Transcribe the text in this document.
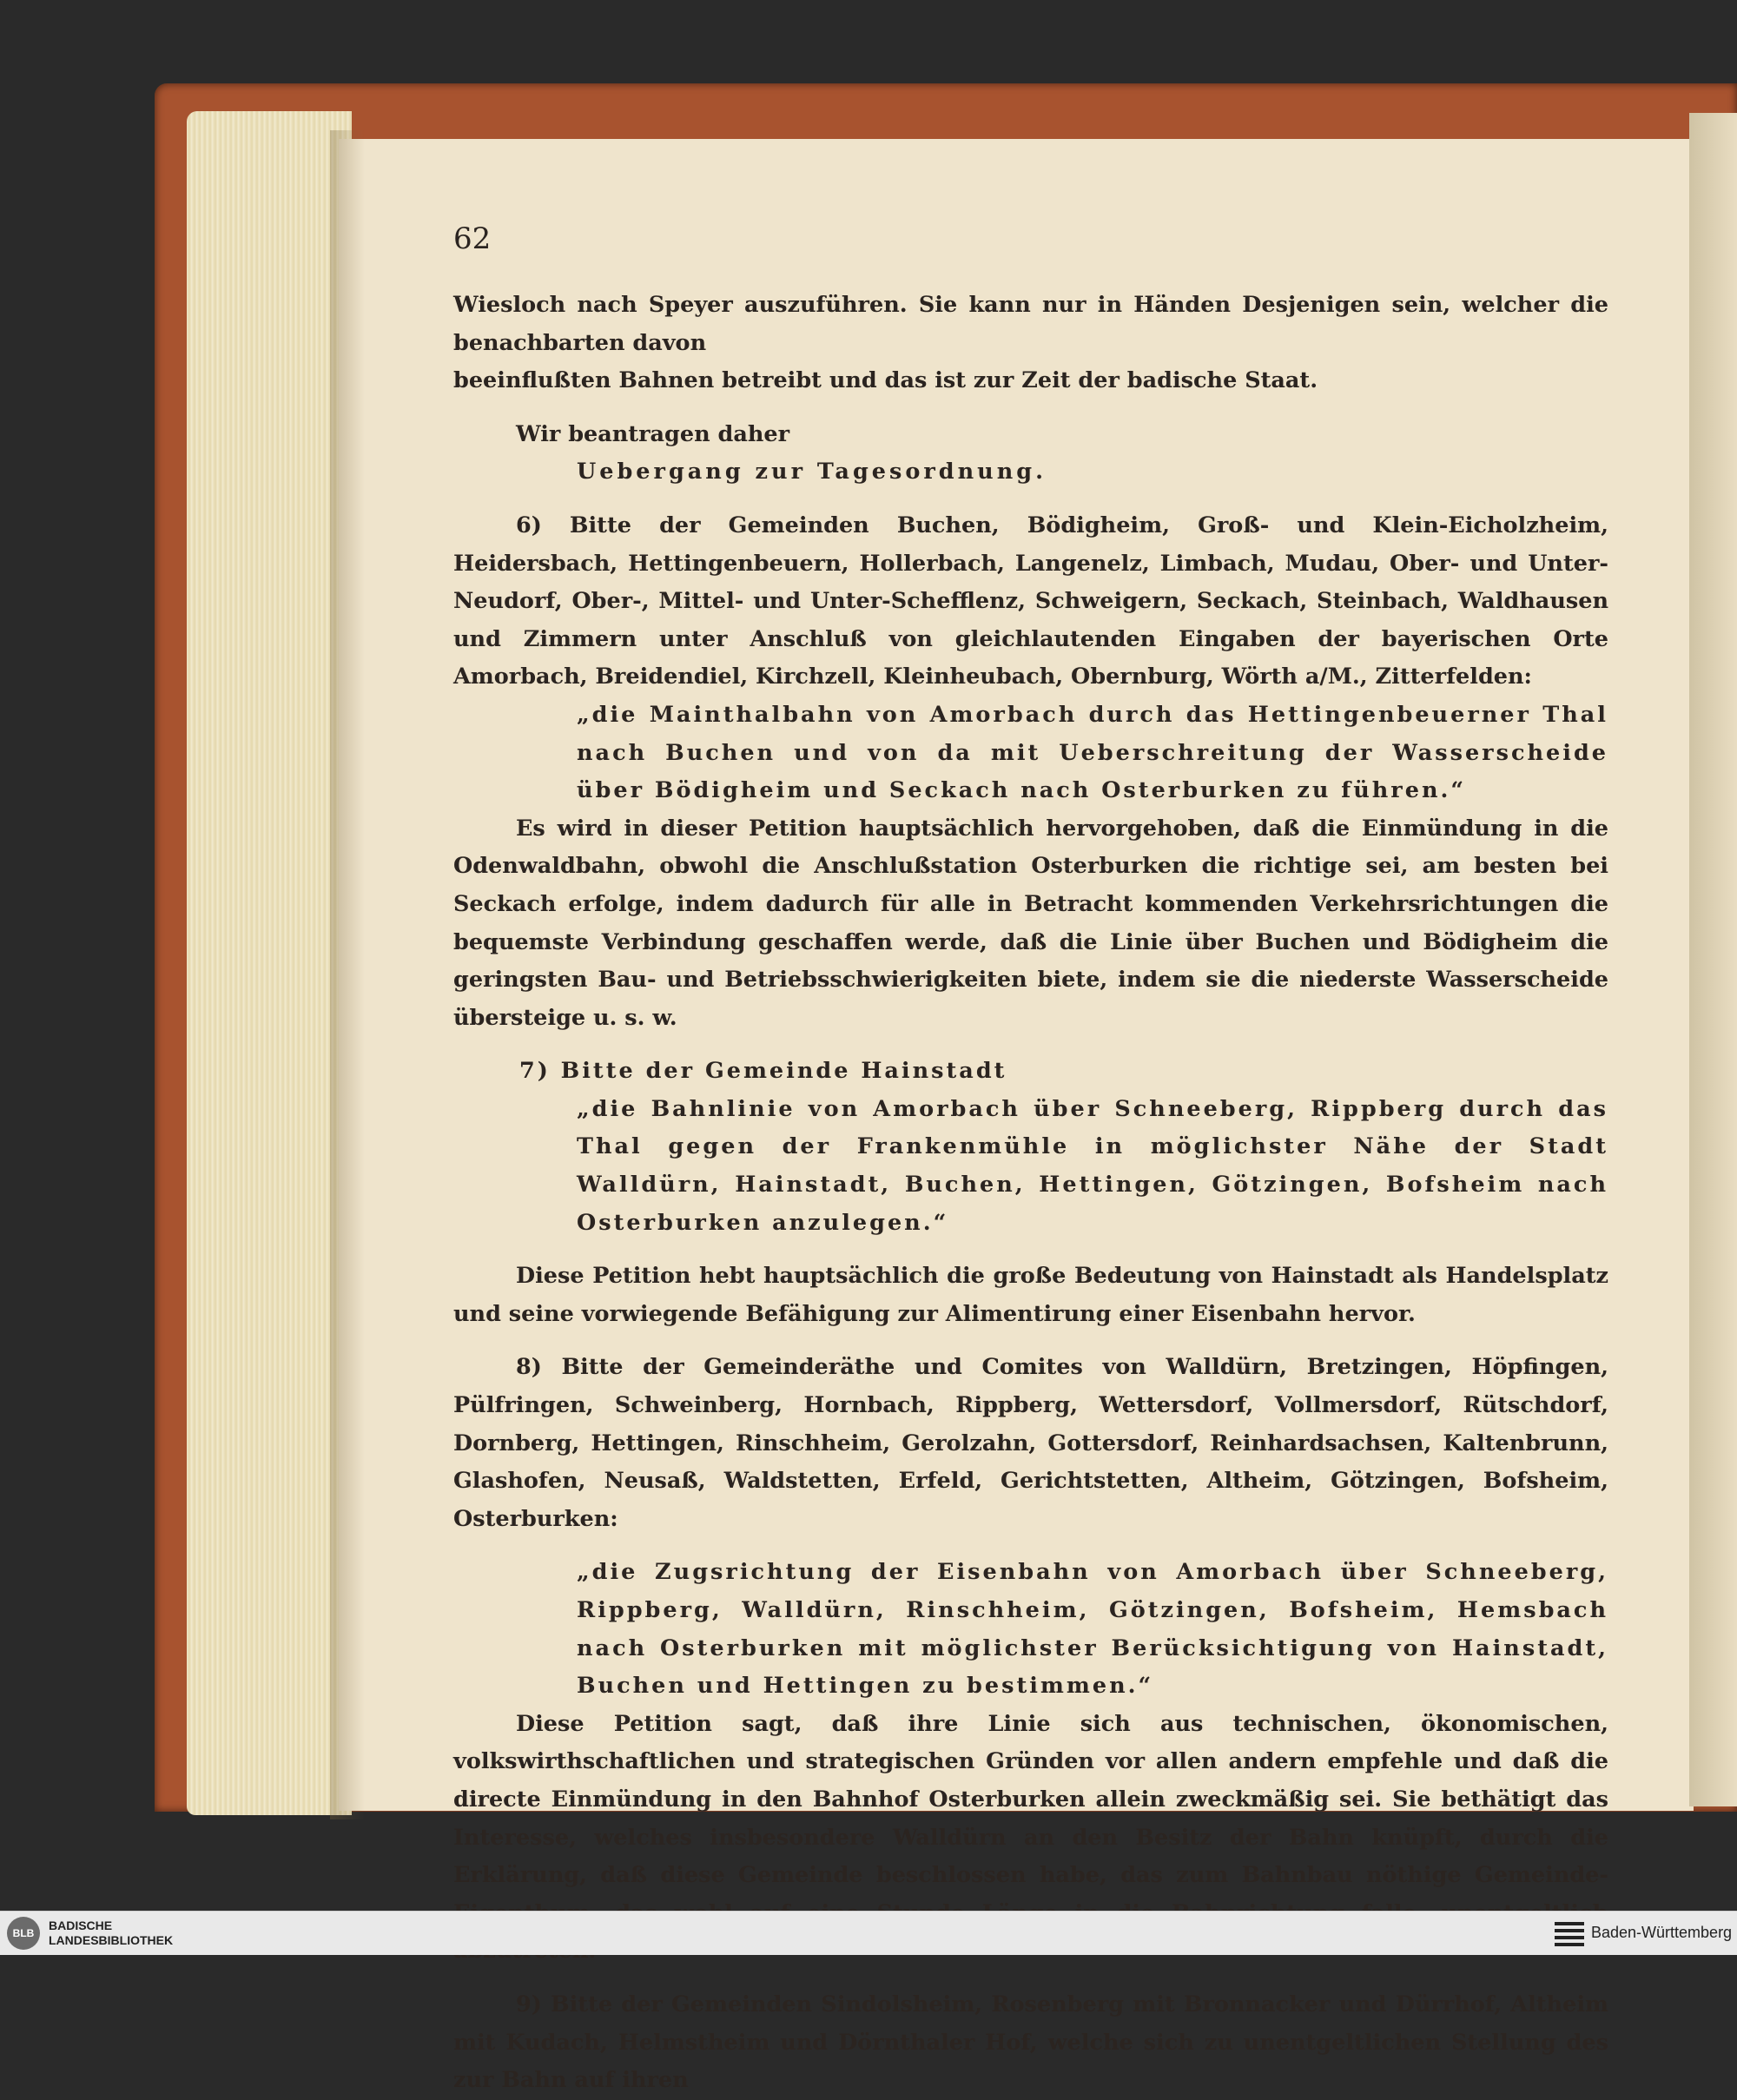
62

Wiesloch nach Speyer auszuführen. Sie kann nur in Händen Desjenigen sein, welcher die benachbarten davon

beeinflußten Bahnen betreibt und das ist zur Zeit der badische Staat.

Wir beantragen daher

Uebergang zur Tagesordnung.

6) Bitte der Gemeinden Buchen, Bödigheim, Groß- und Klein-Eicholzheim, Heidersbach, Hettingenbeuern, Hollerbach, Langenelz, Limbach, Mudau, Ober- und Unter-Neudorf, Ober-, Mittel- und Unter-Schefflenz, Schweigern, Seckach, Steinbach, Waldhausen und Zimmern unter Anschluß von gleichlautenden Eingaben der bayerischen Orte Amorbach, Breidendiel, Kirchzell, Kleinheubach, Obernburg, Wörth a/M., Zitterfelden:

„die Mainthalbahn von Amorbach durch das Hettingenbeuerner Thal nach Buchen und von da mit Ueberschreitung der Wasserscheide über Bödigheim und Seckach nach Osterburken zu führen.“

Es wird in dieser Petition hauptsächlich hervorgehoben, daß die Einmündung in die Odenwaldbahn, obwohl die Anschlußstation Osterburken die richtige sei, am besten bei Seckach erfolge, indem dadurch für alle in Betracht kommenden Verkehrsrichtungen die bequemste Verbindung geschaffen werde, daß die Linie über Buchen und Bödigheim die geringsten Bau- und Betriebsschwierigkeiten biete, indem sie die niederste Wasserscheide übersteige u. s. w.

7) Bitte der Gemeinde Hainstadt

„die Bahnlinie von Amorbach über Schneeberg, Rippberg durch das Thal gegen der Frankenmühle in möglichster Nähe der Stadt Walldürn, Hainstadt, Buchen, Hettingen, Götzingen, Bofsheim nach Osterburken anzulegen.“

Diese Petition hebt hauptsächlich die große Bedeutung von Hainstadt als Handelsplatz und seine vorwiegende Befähigung zur Alimentirung einer Eisenbahn hervor.

8) Bitte der Gemeinderäthe und Comites von Walldürn, Bretzingen, Höpfingen, Pülfringen, Schweinberg, Hornbach, Rippberg, Wettersdorf, Vollmersdorf, Rütschdorf, Dornberg, Hettingen, Rinschheim, Gerolzahn, Gottersdorf, Reinhardsachsen, Kaltenbrunn, Glashofen, Neusaß, Waldstetten, Erfeld, Gerichtstetten, Altheim, Götzingen, Bofsheim, Osterburken:

„die Zugsrichtung der Eisenbahn von Amorbach über Schneeberg, Rippberg, Walldürn, Rinschheim, Götzingen, Bofsheim, Hemsbach nach Osterburken mit möglichster Berücksichtigung von Hainstadt, Buchen und Hettingen zu bestimmen.“

Diese Petition sagt, daß ihre Linie sich aus technischen, ökonomischen, volkswirthschaftlichen und strategischen Gründen vor allen andern empfehle und daß die directe Einmündung in den Bahnhof Osterburken allein zweckmäßig sei. Sie bethätigt das Interesse, welches insbesondere Walldürn an den Besitz der Bahn knüpft, durch die Erklärung, daß diese Gemeinde beschlossen habe, das zum Bahnbau nöthige Gemeinde-

9) Bitte der Gemeinden Sindolsheim, Rosenberg mit Bronnacker und Dürrhof, Altheim mit Kudach, Helmstheim und Dörnthaler Hof, welche sich zu unentgeltlichen Stellung des zur Bahn auf ihren

BLB
BADISCHE
LANDESBIBLIOTHEK	Baden-Württemberg
